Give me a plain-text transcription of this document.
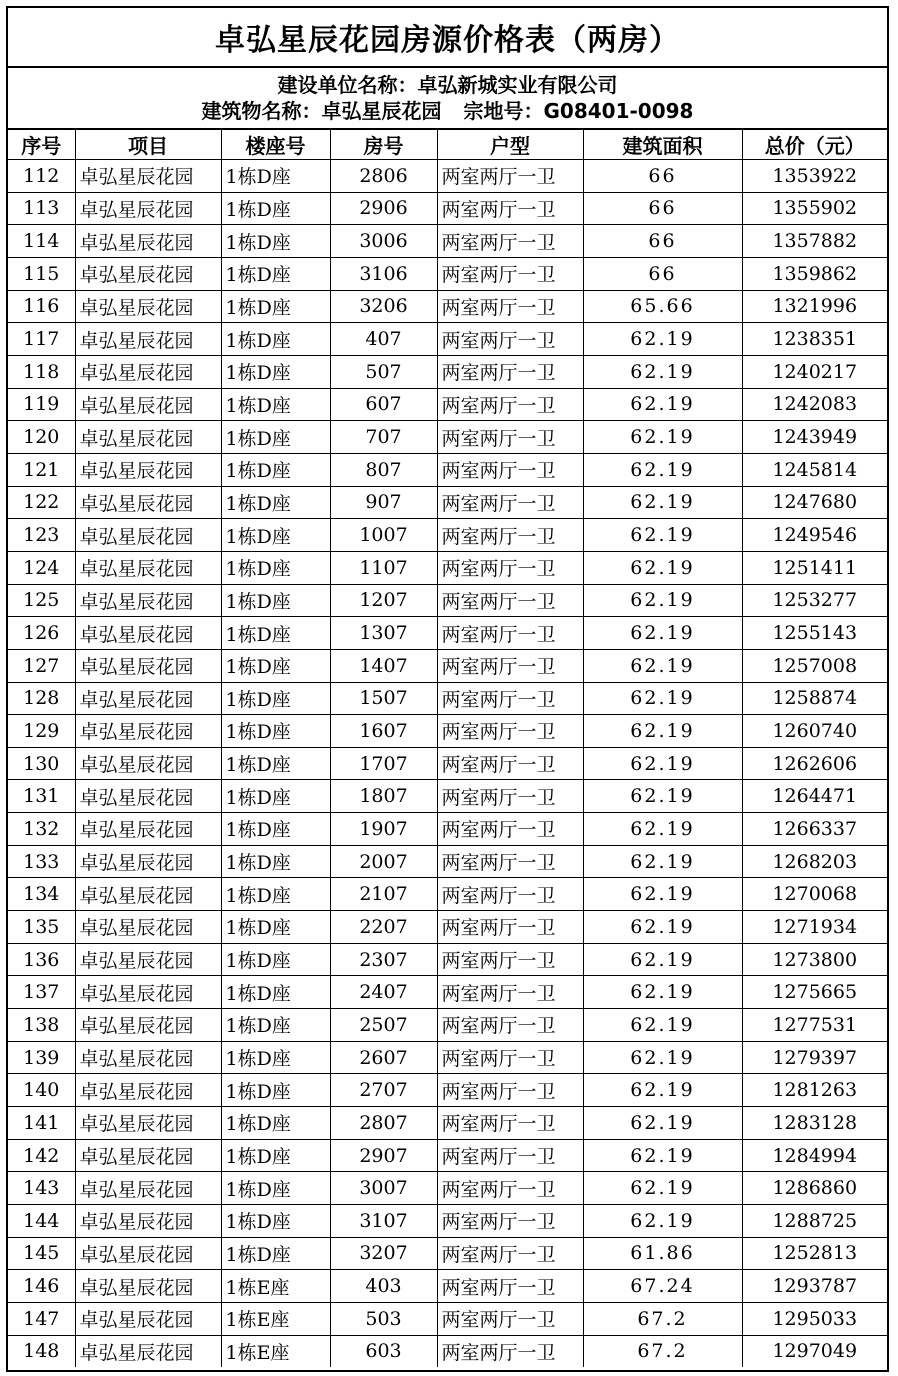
卓弘星辰花园房源价格表（两房）
建设单位名称：卓弘新城实业有限公司
建筑物名称：卓弘星辰花园 宗地号：G08401-0098
序号	项目	楼座号	房号	户型	建筑面积	总价（元）
112	卓弘星辰花园	1栋D座	2806	两室两厅一卫	66	1353922
113	卓弘星辰花园	1栋D座	2906	两室两厅一卫	66	1355902
114	卓弘星辰花园	1栋D座	3006	两室两厅一卫	66	1357882
115	卓弘星辰花园	1栋D座	3106	两室两厅一卫	66	1359862
116	卓弘星辰花园	1栋D座	3206	两室两厅一卫	65.66	1321996
117	卓弘星辰花园	1栋D座	407	两室两厅一卫	62.19	1238351
118	卓弘星辰花园	1栋D座	507	两室两厅一卫	62.19	1240217
119	卓弘星辰花园	1栋D座	607	两室两厅一卫	62.19	1242083
120	卓弘星辰花园	1栋D座	707	两室两厅一卫	62.19	1243949
121	卓弘星辰花园	1栋D座	807	两室两厅一卫	62.19	1245814
122	卓弘星辰花园	1栋D座	907	两室两厅一卫	62.19	1247680
123	卓弘星辰花园	1栋D座	1007	两室两厅一卫	62.19	1249546
124	卓弘星辰花园	1栋D座	1107	两室两厅一卫	62.19	1251411
125	卓弘星辰花园	1栋D座	1207	两室两厅一卫	62.19	1253277
126	卓弘星辰花园	1栋D座	1307	两室两厅一卫	62.19	1255143
127	卓弘星辰花园	1栋D座	1407	两室两厅一卫	62.19	1257008
128	卓弘星辰花园	1栋D座	1507	两室两厅一卫	62.19	1258874
129	卓弘星辰花园	1栋D座	1607	两室两厅一卫	62.19	1260740
130	卓弘星辰花园	1栋D座	1707	两室两厅一卫	62.19	1262606
131	卓弘星辰花园	1栋D座	1807	两室两厅一卫	62.19	1264471
132	卓弘星辰花园	1栋D座	1907	两室两厅一卫	62.19	1266337
133	卓弘星辰花园	1栋D座	2007	两室两厅一卫	62.19	1268203
134	卓弘星辰花园	1栋D座	2107	两室两厅一卫	62.19	1270068
135	卓弘星辰花园	1栋D座	2207	两室两厅一卫	62.19	1271934
136	卓弘星辰花园	1栋D座	2307	两室两厅一卫	62.19	1273800
137	卓弘星辰花园	1栋D座	2407	两室两厅一卫	62.19	1275665
138	卓弘星辰花园	1栋D座	2507	两室两厅一卫	62.19	1277531
139	卓弘星辰花园	1栋D座	2607	两室两厅一卫	62.19	1279397
140	卓弘星辰花园	1栋D座	2707	两室两厅一卫	62.19	1281263
141	卓弘星辰花园	1栋D座	2807	两室两厅一卫	62.19	1283128
142	卓弘星辰花园	1栋D座	2907	两室两厅一卫	62.19	1284994
143	卓弘星辰花园	1栋D座	3007	两室两厅一卫	62.19	1286860
144	卓弘星辰花园	1栋D座	3107	两室两厅一卫	62.19	1288725
145	卓弘星辰花园	1栋D座	3207	两室两厅一卫	61.86	1252813
146	卓弘星辰花园	1栋E座	403	两室两厅一卫	67.24	1293787
147	卓弘星辰花园	1栋E座	503	两室两厅一卫	67.2	1295033
148	卓弘星辰花园	1栋E座	603	两室两厅一卫	67.2	1297049
